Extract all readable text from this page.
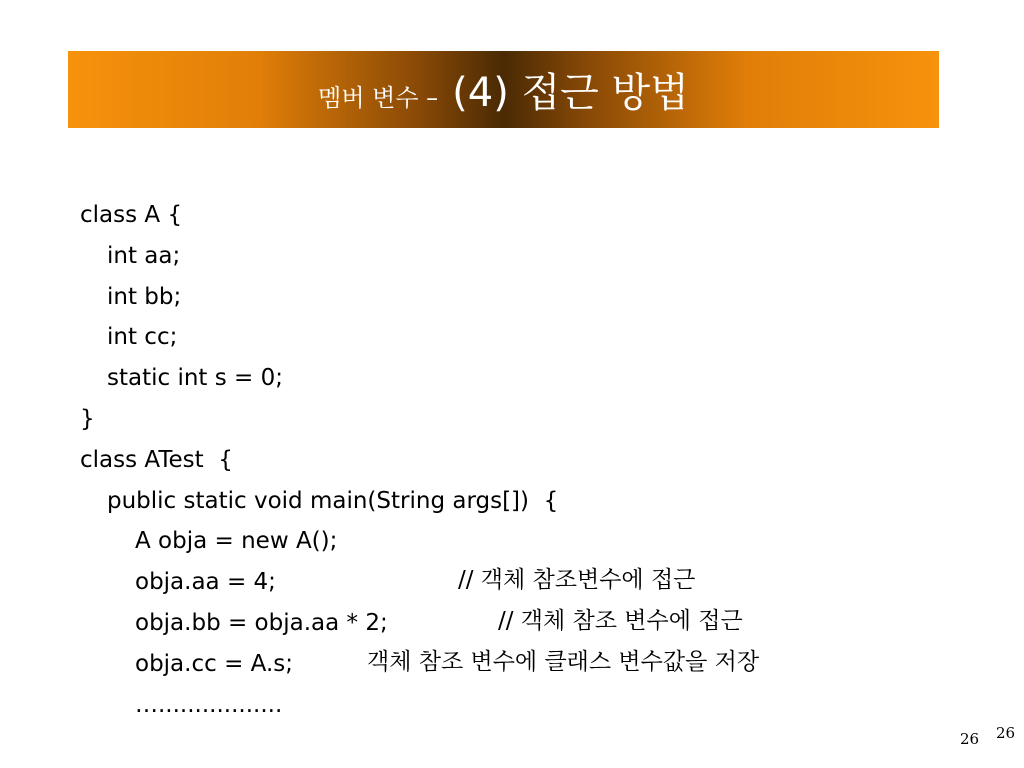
멤버 변수 – (4) 접근 방법
class A {
int aa;
int bb;
int cc;
static int s = 0;
}
class ATest  {
public static void main(String args[])  {
A obja = new A();
obja.aa = 4;
obja.bb = obja.aa * 2;
obja.cc = A.s;
….................
// 객체 참조변수에 접근
// 객체 참조 변수에 접근
객체 참조 변수에 클래스 변수값을 저장
26 26
